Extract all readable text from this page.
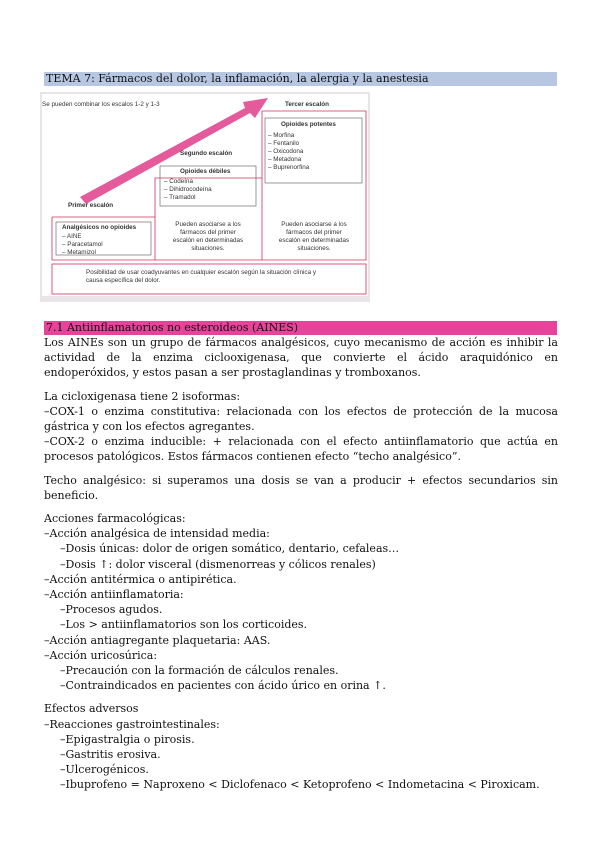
TEMA 7: Fármacos del dolor, la inflamación, la alergia y la anestesia
Se pueden combinar los escalos 1-2 y 1-3
Primer escalón
Analgésicos no opioides
– AINE
– Paracetamol
– Metamizol
Segundo escalón
Opioides débiles
– Codeína
– Dihidrocodeína
– Tramadol
Pueden asociarse a los
fármacos del primer
escalón en determinadas
situaciones.
Tercer escalón
Opioides potentes
– Morfina
– Fentanilo
– Oxicodona
– Metadona
– Buprenorfina
Pueden asociarse a los
fármacos del primer
escalón en determinadas
situaciones.
Posibilidad de usar coadyuvantes en cualquier escalón según la situación clínica y
causa específica del dolor.
7.1 Antiinflamatorios no esteroideos (AINES)

Los AINEs son un grupo de fármacos analgésicos, cuyo mecanismo de acción es inhibir la actividad de la enzima ciclooxigenasa, que convierte el ácido araquidónico en endoperóxidos, y estos pasan a ser prostaglandinas y tromboxanos.

La cicloxigenasa tiene 2 isoformas:

–COX-1 o enzima constitutiva: relacionada con los efectos de protección de la mucosa gástrica y con los efectos agregantes.

–COX-2 o enzima inducible: + relacionada con el efecto antiinflamatorio que actúa en procesos patológicos. Estos fármacos contienen efecto “techo analgésico”.

Techo analgésico: si superamos una dosis se van a producir + efectos secundarios sin beneficio.

Acciones farmacológicas:

–Acción analgésica de intensidad media:
–Dosis únicas: dolor de origen somático, dentario, cefaleas…
–Dosis ↑: dolor visceral (dismenorreas y cólicos renales)
–Acción antitérmica o antipirética.
–Acción antiinflamatoria:
–Procesos agudos.
–Los > antiinflamatorios son los corticoides.
–Acción antiagregante plaquetaria: AAS.
–Acción uricosúrica:
–Precaución con la formación de cálculos renales.
–Contraindicados en pacientes con ácido úrico en orina ↑.

Efectos adversos

–Reacciones gastrointestinales:
–Epigastralgia o pirosis.
–Gastritis erosiva.
–Ulcerogénicos.
–Ibuprofeno = Naproxeno < Diclofenaco < Ketoprofeno < Indometacina < Piroxicam.
